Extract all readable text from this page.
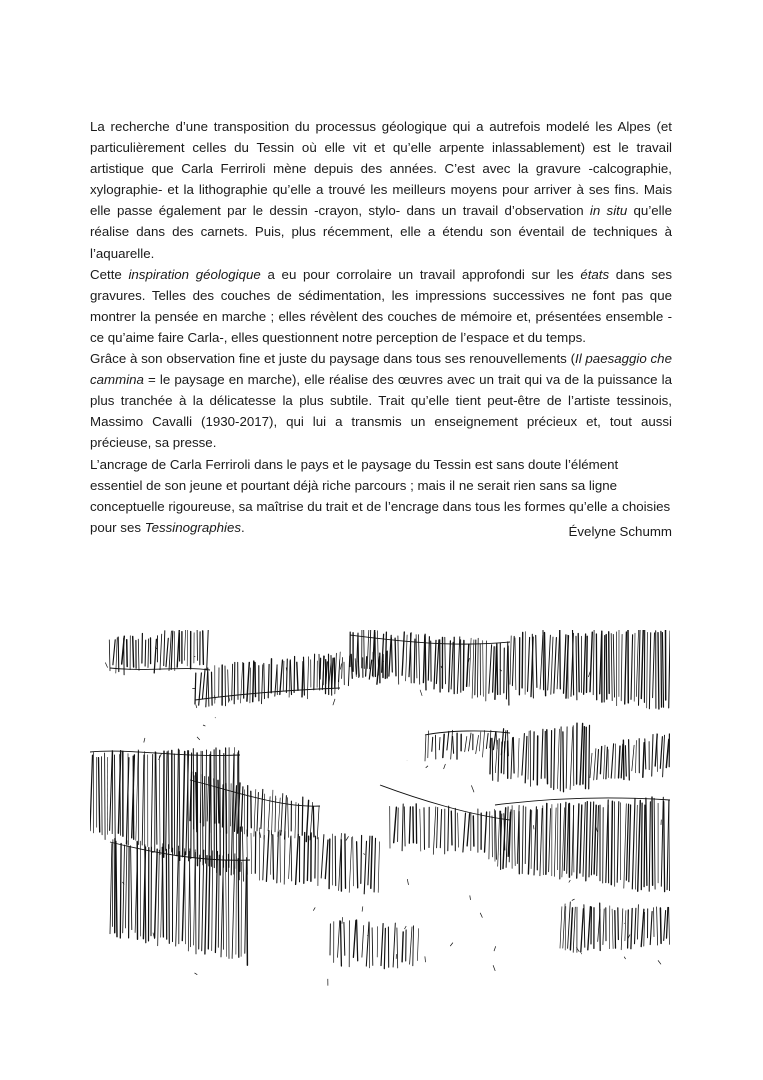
La recherche d’une transposition du processus géologique qui a autrefois modelé les Alpes (et particulièrement celles du Tessin où elle vit et qu’elle arpente inlassablement) est le travail artistique que Carla Ferriroli mène depuis des années. C’est avec la gravure -calcographie, xylographie- et la lithographie qu’elle a trouvé les meilleurs moyens pour arriver à ses fins. Mais elle passe également par le dessin -crayon, stylo- dans un travail d’observation in situ qu’elle réalise dans des carnets. Puis, plus récemment, elle a étendu son éventail de techniques à l’aquarelle.

Cette inspiration géologique a eu pour corrolaire un travail approfondi sur les états dans ses gravures. Telles des couches de sédimentation, les impressions successives ne font pas que montrer la pensée en marche ; elles révèlent des couches de mémoire et, présentées ensemble -ce qu’aime faire Carla-, elles questionnent notre perception de l’espace et du temps.

Grâce à son observation fine et juste du paysage dans tous ses renouvellements (Il paesaggio che cammina = le paysage en marche), elle réalise des œuvres avec un trait qui va de la puissance la plus tranchée à la délicatesse la plus subtile. Trait qu’elle tient peut-être de l’artiste tessinois, Massimo Cavalli (1930-2017), qui lui a transmis un enseignement précieux et, tout aussi précieuse, sa presse.

L’ancrage de Carla Ferriroli dans le pays et le paysage du Tessin est sans doute l’élément essentiel de son jeune et pourtant déjà riche parcours ; mais il ne serait rien sans sa ligne conceptuelle rigoureuse, sa maîtrise du trait et de l’encrage dans tous les formes qu’elle a choisies pour ses Tessinographies.	Évelyne Schumm
